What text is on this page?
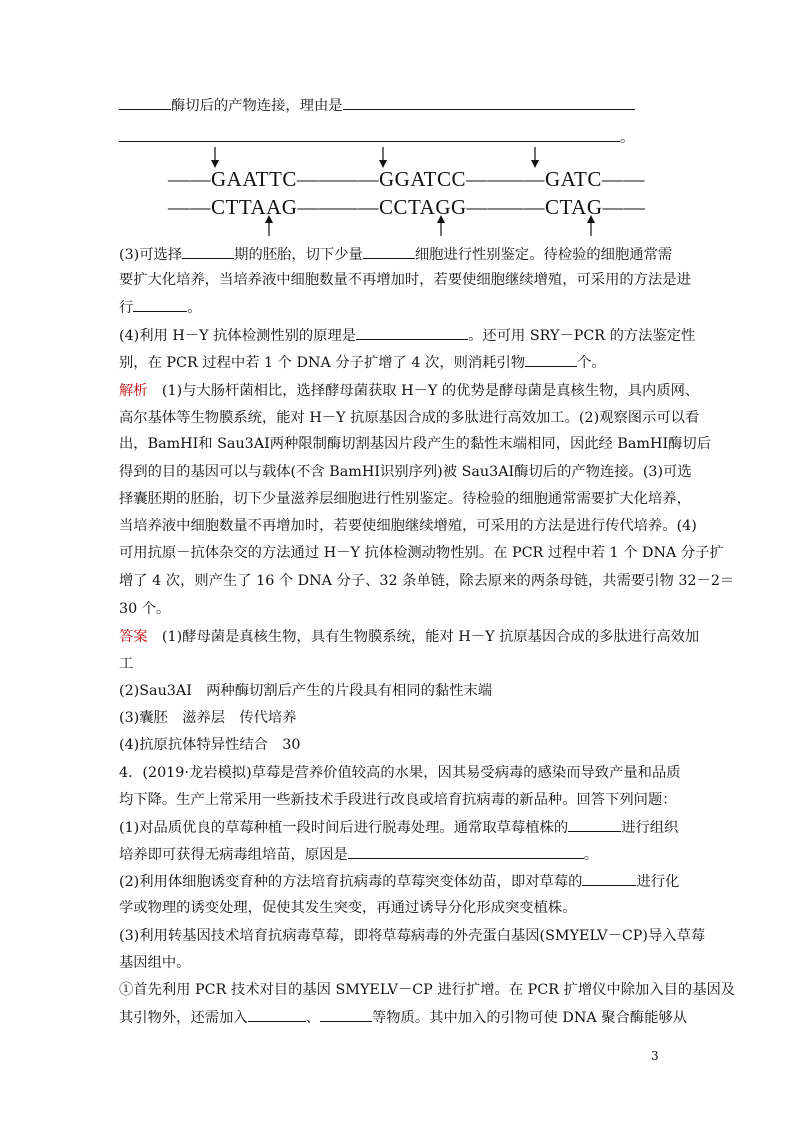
酶切后的产物连接，理由是
。
——GAATTC——
——CTTAAG——
——GGATCC——
——CCTAGG——
——GATC——
——CTAG——
(3)可选择	期的胚胎，切下少量	细胞进行性别鉴定。待检验的细胞通常需
要扩大化培养，当培养液中细胞数量不再增加时，若要使细胞继续增殖，可采用的方法是进
行	。
(4)利用 H－Y 抗体检测性别的原理是	。还可用 SRY－PCR 的方法鉴定性
别，在 PCR 过程中若 1 个 DNA 分子扩增了 4 次，则消耗引物	个。
解析　 (1)与大肠杆菌相比，选择酵母菌获取 H－Y 的优势是酵母菌是真核生物，具内质网、
高尔基体等生物膜系统，能对 H－Y 抗原基因合成的多肽进行高效加工。(2)观察图示可以看
出，BamHⅠ和 Sau3AⅠ两种限制酶切割基因片段产生的黏性末端相同，因此经 BamHⅠ酶切后
得到的目的基因可以与载体(不含 BamHⅠ识别序列)被 Sau3AⅠ酶切后的产物连接。(3)可选
择囊胚期的胚胎，切下少量滋养层细胞进行性别鉴定。待检验的细胞通常需要扩大化培养，
当培养液中细胞数量不再增加时，若要使细胞继续增殖，可采用的方法是进行传代培养。(4)
可用抗原－抗体杂交的方法通过 H－Y 抗体检测动物性别。在 PCR 过程中若 1 个 DNA 分子扩
增了 4 次，则产生了 16 个 DNA 分子、32 条单链，除去原来的两条母链，共需要引物 32－2＝
30 个。
答案　 (1)酵母菌是真核生物，具有生物膜系统，能对 H－Y 抗原基因合成的多肽进行高效加
工
(2)Sau3AⅠ　两种酶切割后产生的片段具有相同的黏性末端
(3)囊胚　滋养层　传代培养
(4)抗原抗体特异性结合　30
4．(2019·龙岩模拟)草莓是营养价值较高的水果，因其易受病毒的感染而导致产量和品质
均下降。生产上常采用一些新技术手段进行改良或培育抗病毒的新品种。回答下列问题：
(1)对品质优良的草莓种植一段时间后进行脱毒处理。通常取草莓植株的	进行组织
培养即可获得无病毒组培苗，原因是	。
(2)利用体细胞诱变育种的方法培育抗病毒的草莓突变体幼苗，即对草莓的	进行化
学或物理的诱变处理，促使其发生突变，再通过诱导分化形成突变植株。
(3)利用转基因技术培育抗病毒草莓，即将草莓病毒的外壳蛋白基因(SMYELV－CP)导入草莓
基因组中。
①首先利用 PCR 技术对目的基因 SMYELV－CP 进行扩增。在 PCR 扩增仪中除加入目的基因及
其引物外，还需加入	、	等物质。其中加入的引物可使 DNA 聚合酶能够从
3
